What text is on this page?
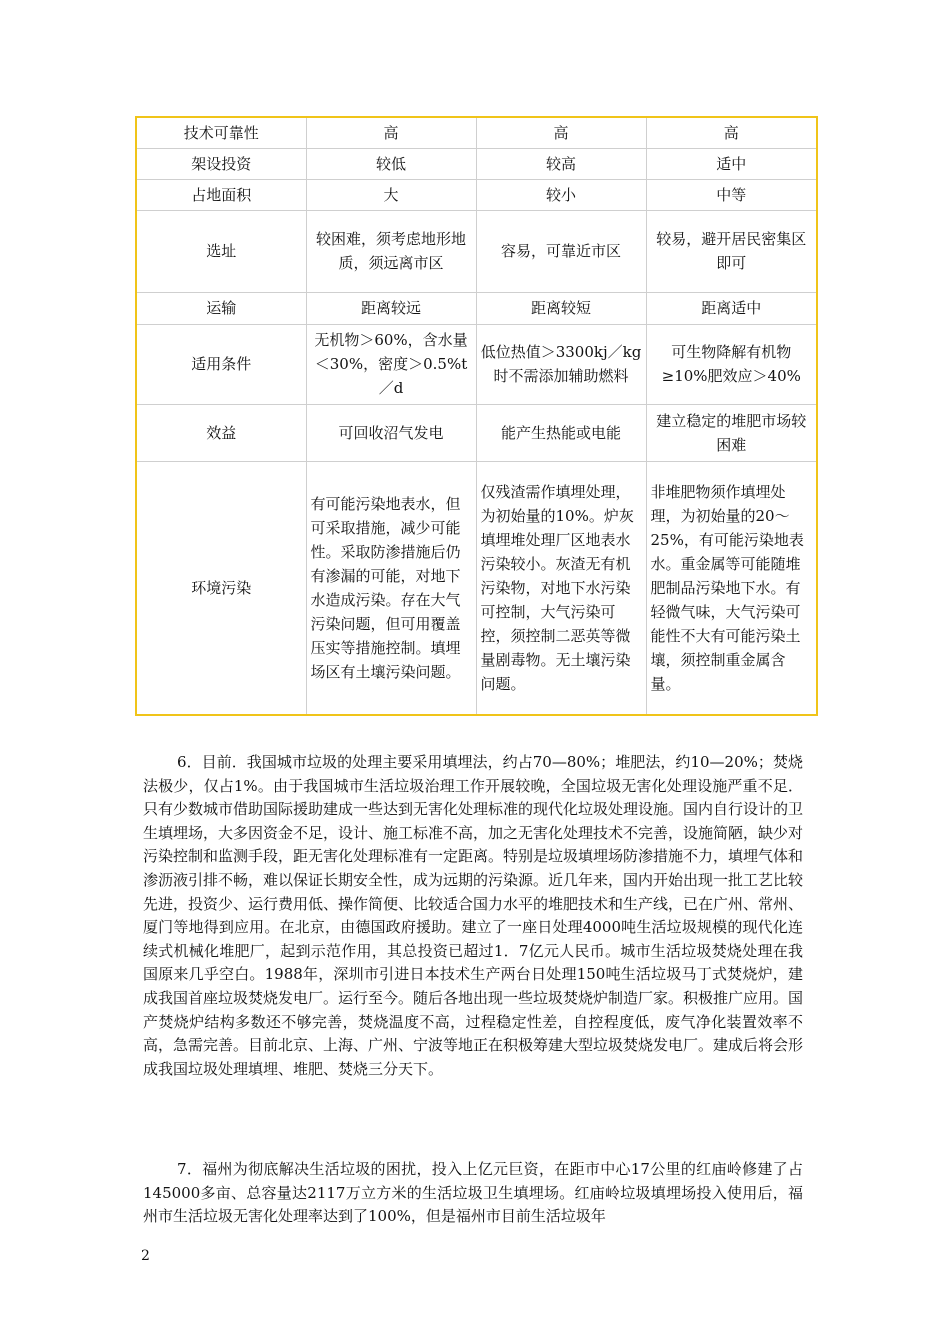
技术可靠性	高	高	高
架设投资	较低	较高	适中
占地面积	大	较小	中等
选址	较困难，须考虑地形地质，须远离市区	容易，可靠近市区	较易，避开居民密集区即可
运输	距离较远	距离较短	距离适中
适用条件	无机物＞60%，含水量＜30%，密度＞0.5%t／d	低位热值＞3300kj／kg时不需添加辅助燃料	可生物降解有机物≥10%肥效应＞40%
效益	可回收沼气发电	能产生热能或电能	建立稳定的堆肥市场较困难
环境污染	有可能污染地表水，但可采取措施，减少可能性。采取防渗措施后仍有渗漏的可能，对地下水造成污染。存在大气污染问题，但可用覆盖压实等措施控制。填埋场区有土壤污染问题。	仅残渣需作填埋处理，为初始量的10%。炉灰填埋堆处理厂区地表水污染较小。灰渣无有机污染物，对地下水污染可控制，大气污染可控，须控制二恶英等微量剧毒物。无土壤污染问题。	非堆肥物须作填埋处理，为初始量的20～25%，有可能污染地表水。重金属等可能随堆肥制品污染地下水。有轻微气味，大气污染可能性不大有可能污染土壤，须控制重金属含量。

6．目前．我国城市垃圾的处理主要采用填埋法，约占70—80%；堆肥法，约10—20%；焚烧法极少，仅占1%。由于我国城市生活垃圾治理工作开展较晚，全国垃圾无害化处理设施严重不足．只有少数城市借助国际援助建成一些达到无害化处理标准的现代化垃圾处理设施。国内自行设计的卫生填埋场，大多因资金不足，设计、施工标准不高，加之无害化处理技术不完善，设施简陋，缺少对污染控制和监测手段，距无害化处理标准有一定距离。特别是垃圾填埋场防渗措施不力，填埋气体和渗沥液引排不畅，难以保证长期安全性，成为远期的污染源。近几年来，国内开始出现一批工艺比较先进，投资少、运行费用低、操作简便、比较适合国力水平的堆肥技术和生产线，已在广州、常州、厦门等地得到应用。在北京，由德国政府援助。建立了一座日处理4000吨生活垃圾规模的现代化连续式机械化堆肥厂，起到示范作用，其总投资已超过1．7亿元人民币。城市生活垃圾焚烧处理在我国原来几乎空白。1988年，深圳市引进日本技术生产两台日处理150吨生活垃圾马丁式焚烧炉，建成我国首座垃圾焚烧发电厂。运行至今。随后各地出现一些垃圾焚烧炉制造厂家。积极推广应用。国产焚烧炉结构多数还不够完善，焚烧温度不高，过程稳定性差，自控程度低，废气净化装置效率不高，急需完善。目前北京、上海、广州、宁波等地正在积极筹建大型垃圾焚烧发电厂。建成后将会形成我国垃圾处理填埋、堆肥、焚烧三分天下。

7．福州为彻底解决生活垃圾的困扰，投入上亿元巨资，在距市中心17公里的红庙岭修建了占145000多亩、总容量达2117万立方米的生活垃圾卫生填埋场。红庙岭垃圾填埋场投入使用后，福州市生活垃圾无害化处理率达到了100%，但是福州市目前生活垃圾年

2
